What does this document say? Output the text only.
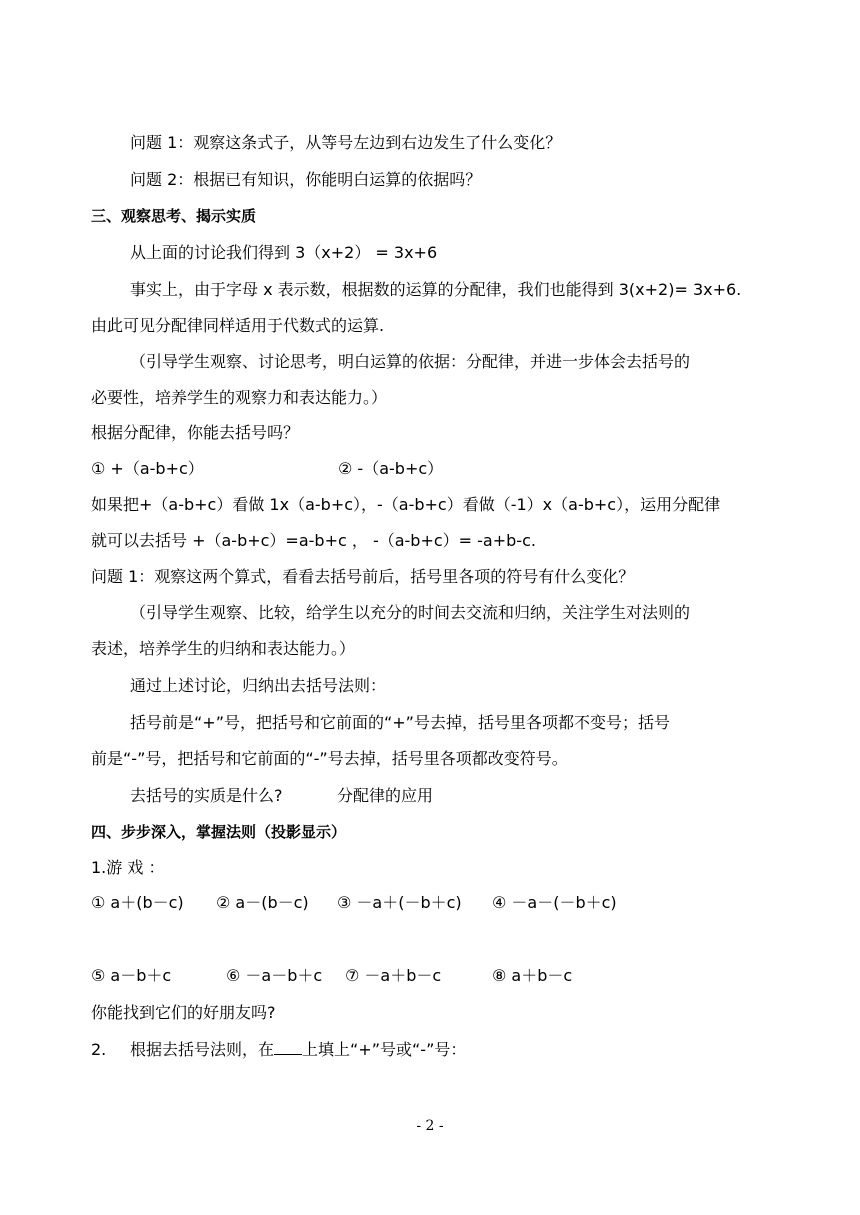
问题 1：观察这条式子，从等号左边到右边发生了什么变化？
问题 2：根据已有知识，你能明白运算的依据吗？
三、观察思考、揭示实质
从上面的讨论我们得到 3（x+2） = 3x+6
事实上，由于字母 x 表示数，根据数的运算的分配律，我们也能得到 3(x+2)= 3x+6.
由此可见分配律同样适用于代数式的运算.
（引导学生观察、讨论思考，明白运算的依据：分配律，并进一步体会去括号的
必要性，培养学生的观察力和表达能力。）
根据分配律，你能去括号吗？
① +（a-b+c）	② -（a-b+c）
如果把+（a-b+c）看做 1x（a-b+c），-（a-b+c）看做（-1）x（a-b+c），运用分配律
就可以去括号 +（a-b+c）=a-b+c ， -（a-b+c）= -a+b-c.
问题 1：观察这两个算式，看看去括号前后，括号里各项的符号有什么变化？
（引导学生观察、比较，给学生以充分的时间去交流和归纳，关注学生对法则的
表述，培养学生的归纳和表达能力。）
通过上述讨论，归纳出去括号法则：
括号前是“+”号，把括号和它前面的“+”号去掉，括号里各项都不变号；括号
前是“-”号，把括号和它前面的“-”号去掉，括号里各项都改变符号。
去括号的实质是什么?	分配律的应用
四、步步深入，掌握法则（投影显示）
1.游 戏 ：
① a＋(b－c) ② a－(b－c) ③ －a＋(－b＋c) ④ －a－(－b＋c)
⑤ a－b＋c	⑥ －a－b＋c ⑦ －a＋b－c	⑧ a＋b－c
你能找到它们的好朋友吗?
2. 根据去括号法则，在 上填上“+”号或“-”号：
- 2 -
